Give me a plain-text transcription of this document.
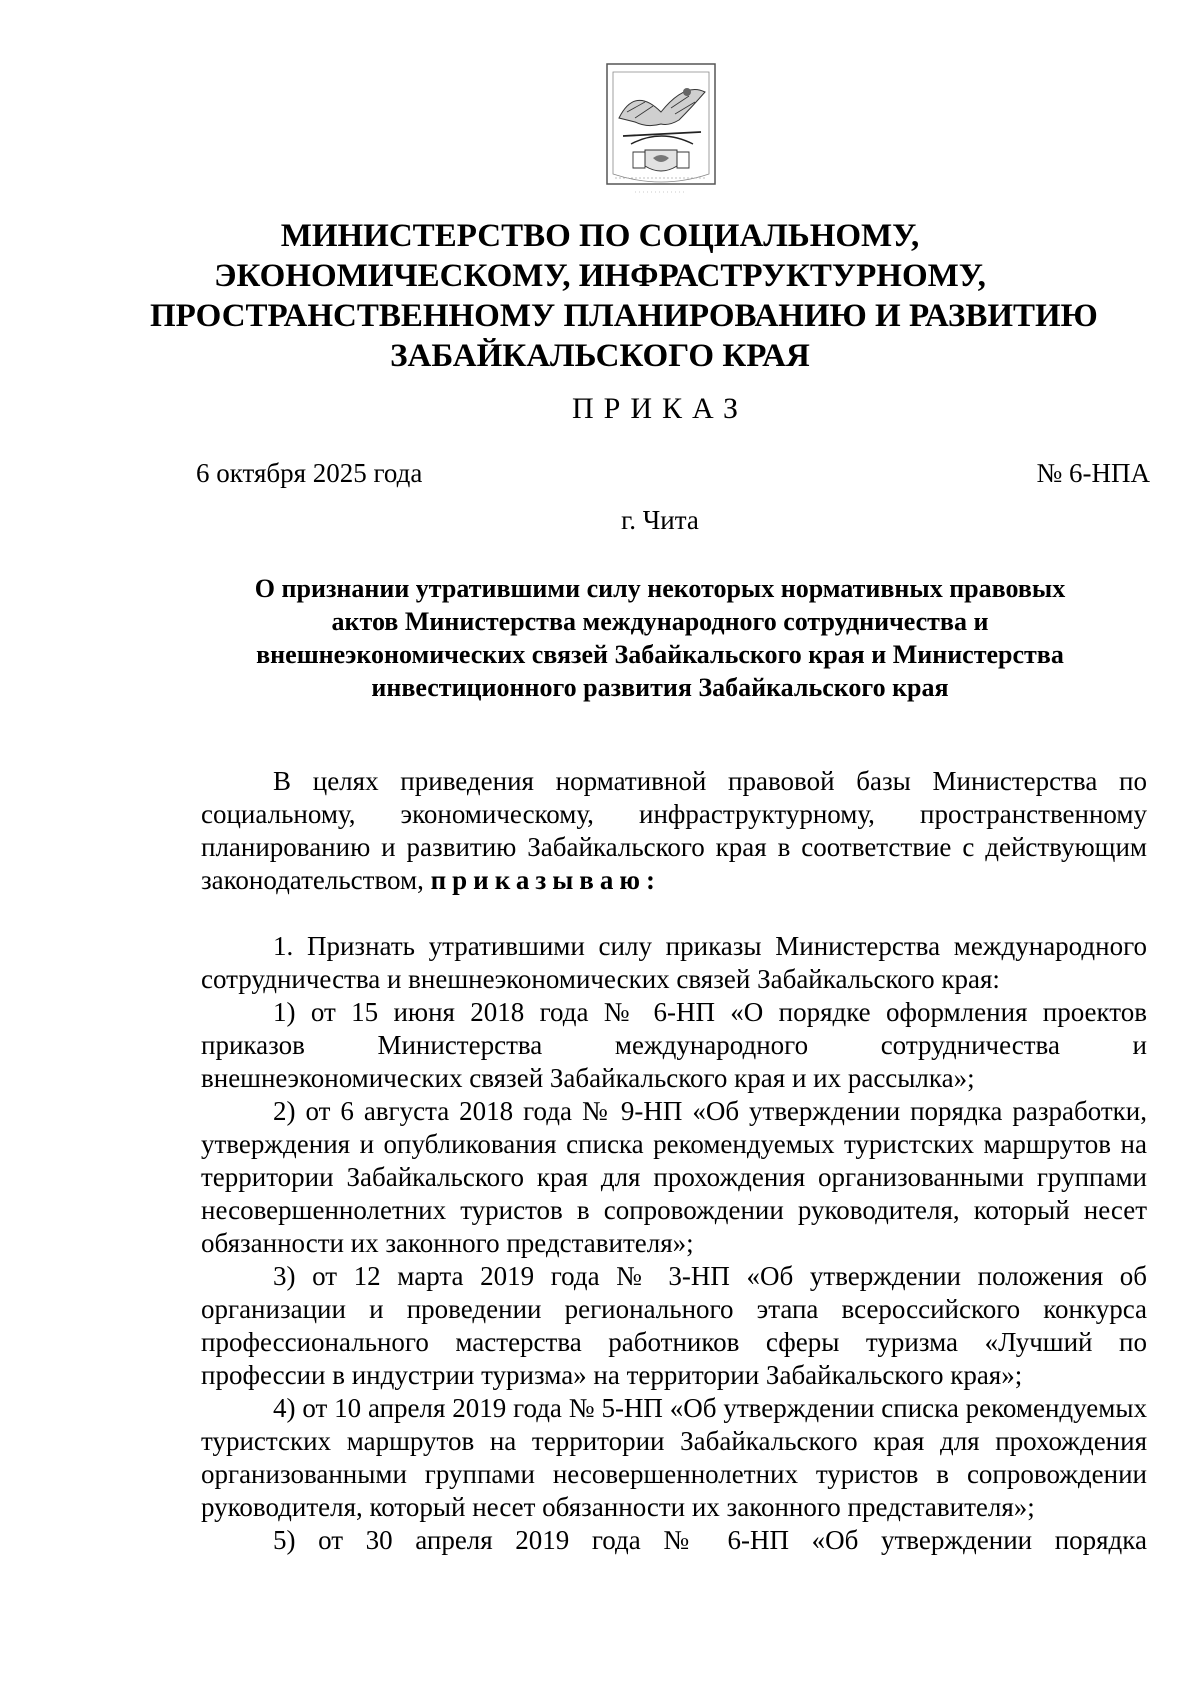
МИНИСТЕРСТВО ПО СОЦИАЛЬНОМУ,
ЭКОНОМИЧЕСКОМУ, ИНФРАСТРУКТУРНОМУ,
ПРОСТРАНСТВЕННОМУ ПЛАНИРОВАНИЮ И РАЗВИТИЮ
ЗАБАЙКАЛЬСКОГО КРАЯ
ПРИКАЗ
6 октября 2025 года	№ 6-НПА
г. Чита
О признании утратившими силу некоторых нормативных правовых
актов Министерства международного сотрудничества и
внешнеэкономических связей Забайкальского края и Министерства
инвестиционного развития Забайкальского края

В целях приведения нормативной правовой базы Министерства по социальному, экономическому, инфраструктурному, пространственному планированию и развитию Забайкальского края в соответствие с действующим законодательством, приказываю:

1. Признать утратившими силу приказы Министерства международного сотрудничества и внешнеэкономических связей Забайкальского края:

1) от 15 июня 2018 года № 6-НП «О порядке оформления проектов приказов Министерства международного сотрудничества и внешнеэкономических связей Забайкальского края и их рассылка»;

2) от 6 августа 2018 года № 9-НП «Об утверждении порядка разработки, утверждения и опубликования списка рекомендуемых туристских маршрутов на территории Забайкальского края для прохождения организованными группами несовершеннолетних туристов в сопровождении руководителя, который несет обязанности их законного представителя»;

3) от 12 марта 2019 года № 3-НП «Об утверждении положения об организации и проведении регионального этапа всероссийского конкурса профессионального мастерства работников сферы туризма «Лучший по профессии в индустрии туризма» на территории Забайкальского края»;

4) от 10 апреля 2019 года № 5-НП «Об утверждении списка рекомендуемых туристских маршрутов на территории Забайкальского края для прохождения организованными группами несовершеннолетних туристов в сопровождении руководителя, который несет обязанности их законного представителя»;

5) от 30 апреля 2019 года № 6-НП «Об утверждении порядка
